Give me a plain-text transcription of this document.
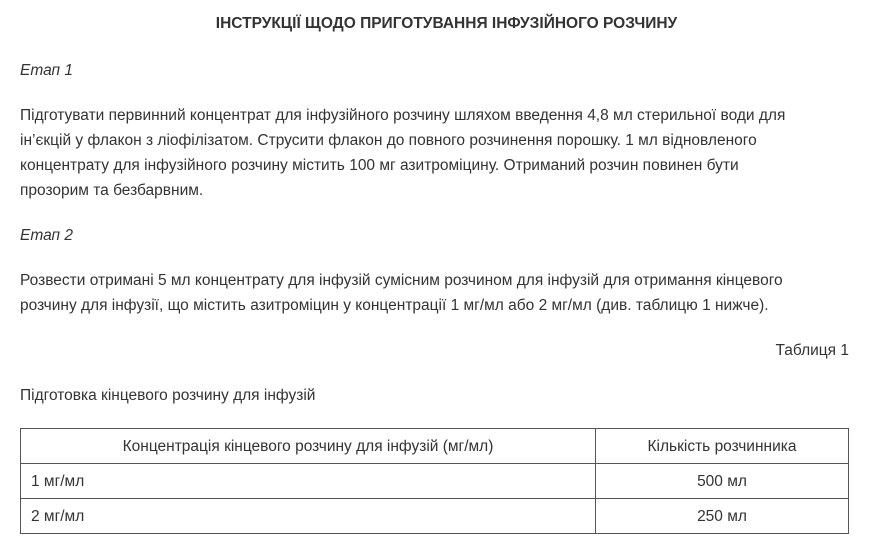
ІНСТРУКЦІЇ ЩОДО ПРИГОТУВАННЯ ІНФУЗІЙНОГО РОЗЧИНУ

Етап 1

Підготувати первинний концентрат для інфузійного розчину шляхом введення 4,8 мл стерильної води для
ін’єкцій у флакон з ліофілізатом. Струсити флакон до повного розчинення порошку. 1 мл відновленого
концентрату для інфузійного розчину містить 100 мг азитроміцину. Отриманий розчин повинен бути
прозорим та безбарвним.

Етап 2

Розвести отримані 5 мл концентрату для інфузій сумісним розчином для інфузій для отримання кінцевого
розчину для інфузії, що містить азитроміцин у концентрації 1 мг/мл або 2 мг/мл (див. таблицю 1 нижче).

Таблиця 1

Підготовка кінцевого розчину для інфузій

Концентрація кінцевого розчину для інфузій (мг/мл)	Кількість розчинника
1 мг/мл	500 мл
2 мг/мл	250 мл
